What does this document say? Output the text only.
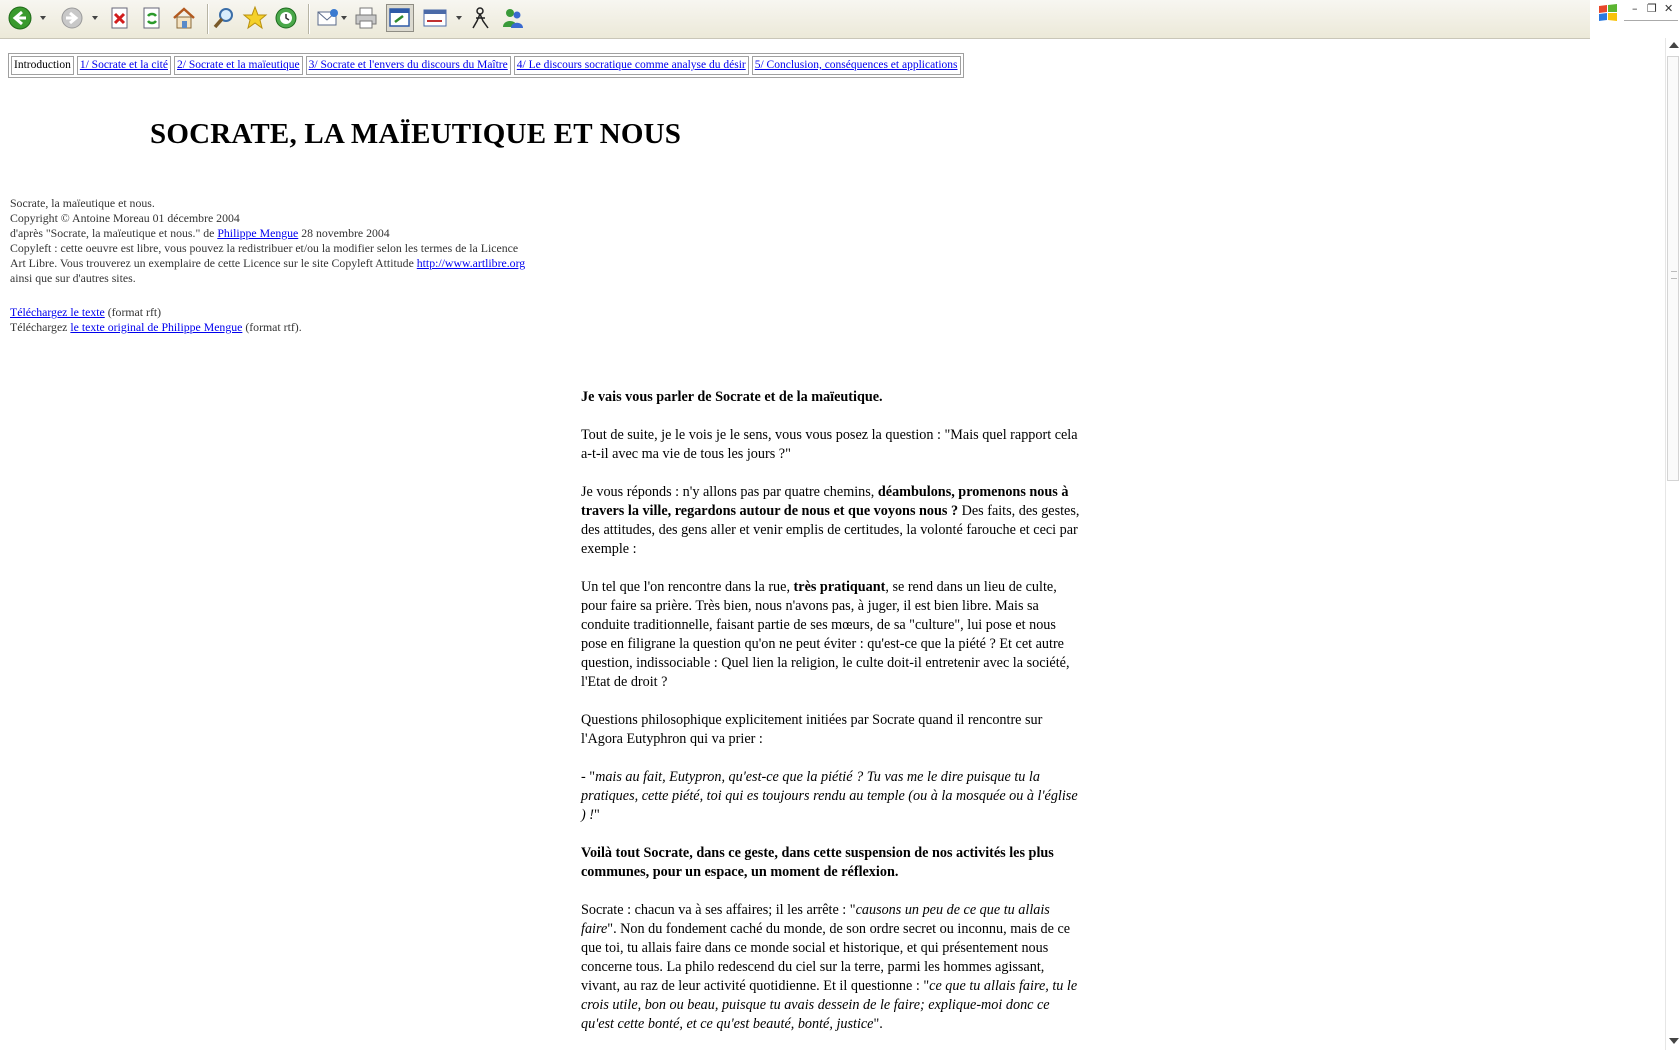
– ❐ ✕
Introduction 1/ Socrate et la cité 2/ Socrate et la maïeutique 3/ Socrate et l'envers du discours du Maître 4/ Le discours socratique comme analyse du désir 5/ Conclusion, conséquences et applications
SOCRATE, LA MAÏEUTIQUE ET NOUS
Socrate, la maïeutique et nous.
Copyright © Antoine Moreau 01 décembre 2004
d'après "Socrate, la maïeutique et nous." de Philippe Mengue 28 novembre 2004
Copyleft : cette oeuvre est libre, vous pouvez la redistribuer et/ou la modifier selon les termes de la Licence Art Libre. Vous trouverez un exemplaire de cette Licence sur le site Copyleft Attitude http://www.artlibre.org ainsi que sur d'autres sites.
Téléchargez le texte (format rft)
Téléchargez le texte original de Philippe Mengue (format rtf).

Je vais vous parler de Socrate et de la maïeutique.

Tout de suite, je le vois je le sens, vous vous posez la question : "Mais quel rapport cela a-t-il avec ma vie de tous les jours ?"

Je vous réponds : n'y allons pas par quatre chemins, déambulons, promenons nous à travers la ville, regardons autour de nous et que voyons nous ? Des faits, des gestes, des attitudes, des gens aller et venir emplis de certitudes, la volonté farouche et ceci par exemple :

Un tel que l'on rencontre dans la rue, très pratiquant, se rend dans un lieu de culte, pour faire sa prière. Très bien, nous n'avons pas, à juger, il est bien libre. Mais sa conduite traditionnelle, faisant partie de ses mœurs, de sa "culture", lui pose et nous pose en filigrane la question qu'on ne peut éviter : qu'est-ce que la piété ? Et cet autre question, indissociable : Quel lien la religion, le culte doit-il entretenir avec la société, l'Etat de droit ?

Questions philosophique explicitement initiées par Socrate quand il rencontre sur l'Agora Eutyphron qui va prier :

- "mais au fait, Eutypron, qu'est-ce que la piétié ? Tu vas me le dire puisque tu la pratiques, cette piété, toi qui es toujours rendu au temple (ou à la mosquée ou à l'église ) !"

Voilà tout Socrate, dans ce geste, dans cette suspension de nos activités les plus communes, pour un espace, un moment de réflexion.

Socrate : chacun va à ses affaires; il les arrête : "causons un peu de ce que tu allais faire". Non du fondement caché du monde, de son ordre secret ou inconnu, mais de ce que toi, tu allais faire dans ce monde social et historique, et qui présentement nous concerne tous. La philo redescend du ciel sur la terre, parmi les hommes agissant, vivant, au raz de leur activité quotidienne. Et il questionne : "ce que tu allais faire, tu le crois utile, bon ou beau, puisque tu avais dessein de le faire; explique-moi donc ce qu'est cette bonté, et ce qu'est beauté, bonté, justice".
